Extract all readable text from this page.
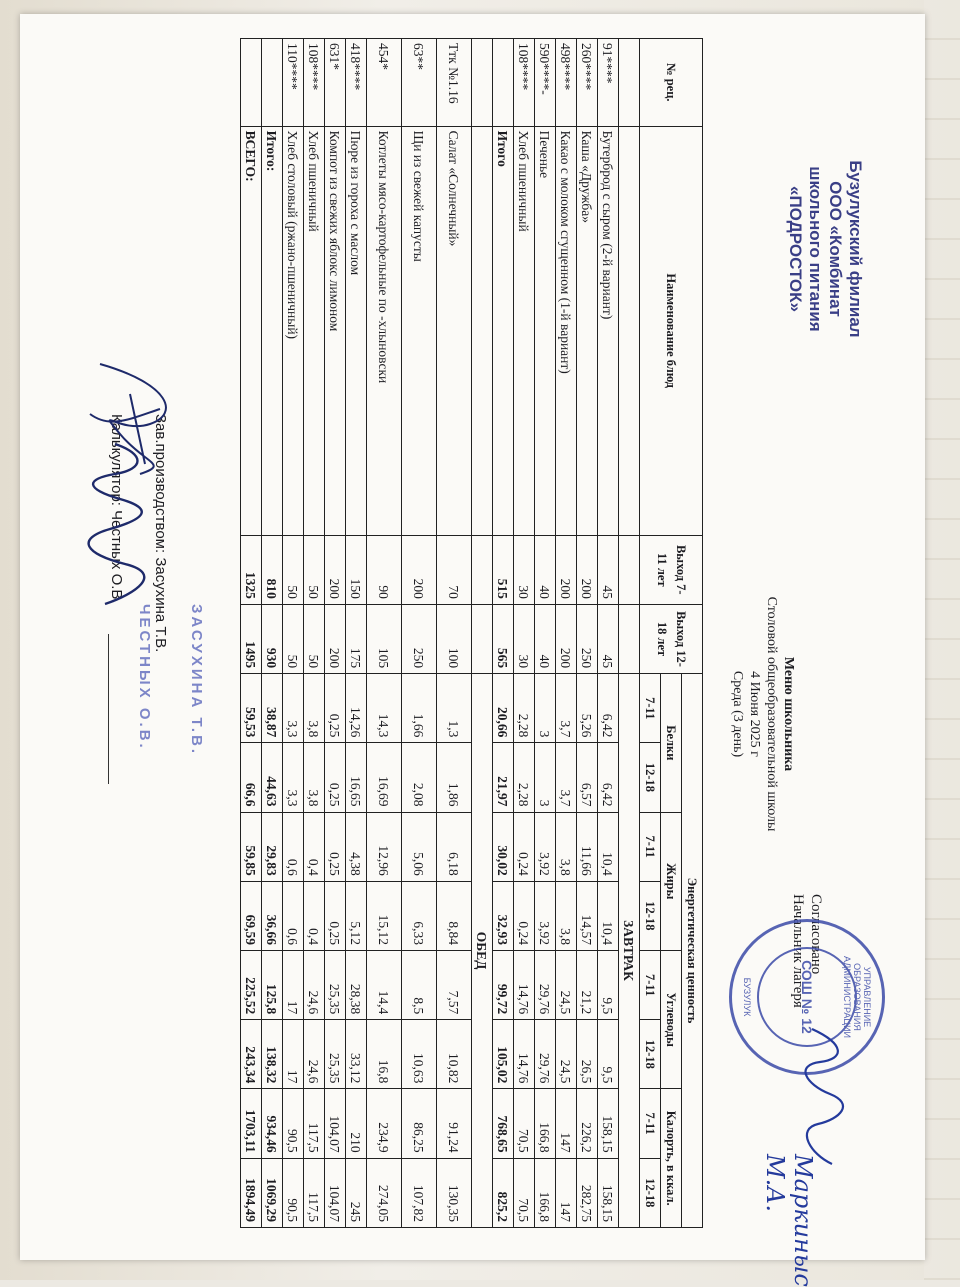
Бузулукский филиал
ООО «Комбинат
школьного питания
«ПОДРОСТОК»
Меню школьника
Столовой общеобразовательной школы
4 Июня 2025 г
Среда (3 день)
Согласовано
Начальник лагеря	УПРАВЛЕНИЕ ОБРАЗОВАНИЯ АДМИНИСТРАЦИИ
СОШ № 12
БУЗУЛУК
Маркиныс М.А.
№ рец.	Наименование блюд	Выход 7-11 лет	Выход 12-18 лет	Энергетическая ценность							
				Белки		Жиры		Углеводы		Калорть, в ккал.	
				7-11	12-18	7-11	12-18	7-11	12-18	7-11	12-18
				ЗАВТРАК							
91****	Бутерброд с сыром (2-й вариант)	45	45	6,42	6,42	10,4	10,4	9,5	9,5	158,15	158,15
260****	Каша «Дружба»	200	250	5,26	6,57	11,66	14,57	21,2	26,5	226,2	282,75
498****	Какао с молоком сгущенном (1-й вариант)	200	200	3,7	3,7	3,8	3,8	24,5	24,5	147	147
590****-	Печенье	40	40	3	3	3,92	3,92	29,76	29,76	166,8	166,8
108****	Хлеб пшеничный	30	30	2,28	2,28	0,24	0,24	14,76	14,76	70,5	70,5
	Итого	515	565	20,66	21,97	30,02	32,93	99,72	105,02	768,65	825,2
				ОБЕД							
Ттк №1.16	Салат «Солнечный»	70	100	1,3	1,86	6,18	8,84	7,57	10,82	91,24	130,35
63**	Щи из свежей капусты	200	250	1,66	2,08	5,06	6,33	8,5	10,63	86,25	107,82
454*	Котлеты мясо-картофельные по -хлыновски	90	105	14,3	16,69	12,96	15,12	14,4	16,8	234,9	274,05
418****	Пюре из гороха с маслом	150	175	14,26	16,65	4,38	5,12	28,38	33,12	210	245
631*	Компот из свежих яблокс лимоном	200	200	0,25	0,25	0,25	0,25	25,35	25,35	104,07	104,07
108****	Хлеб пшеничный	50	50	3,8	3,8	0,4	0,4	24,6	24,6	117,5	117,5
110****	Хлеб столовый (ржано-пшеничный)	50	50	3,3	3,3	0,6	0,6	17	17	90,5	90,5
	Итого:	810	930	38,87	44,63	29,83	36,66	125,8	138,32	934,46	1069,29
	ВСЕГО:	1325	1495	59,53	66,6	59,85	69,59	225,52	243,34	1703,11	1894,49
Зав.производством: Засухина Т.В.
Калькулятор: Честных О.В.
ЗАСУХИНА Т.В.
ЧЕСТНЫХ О.В.
